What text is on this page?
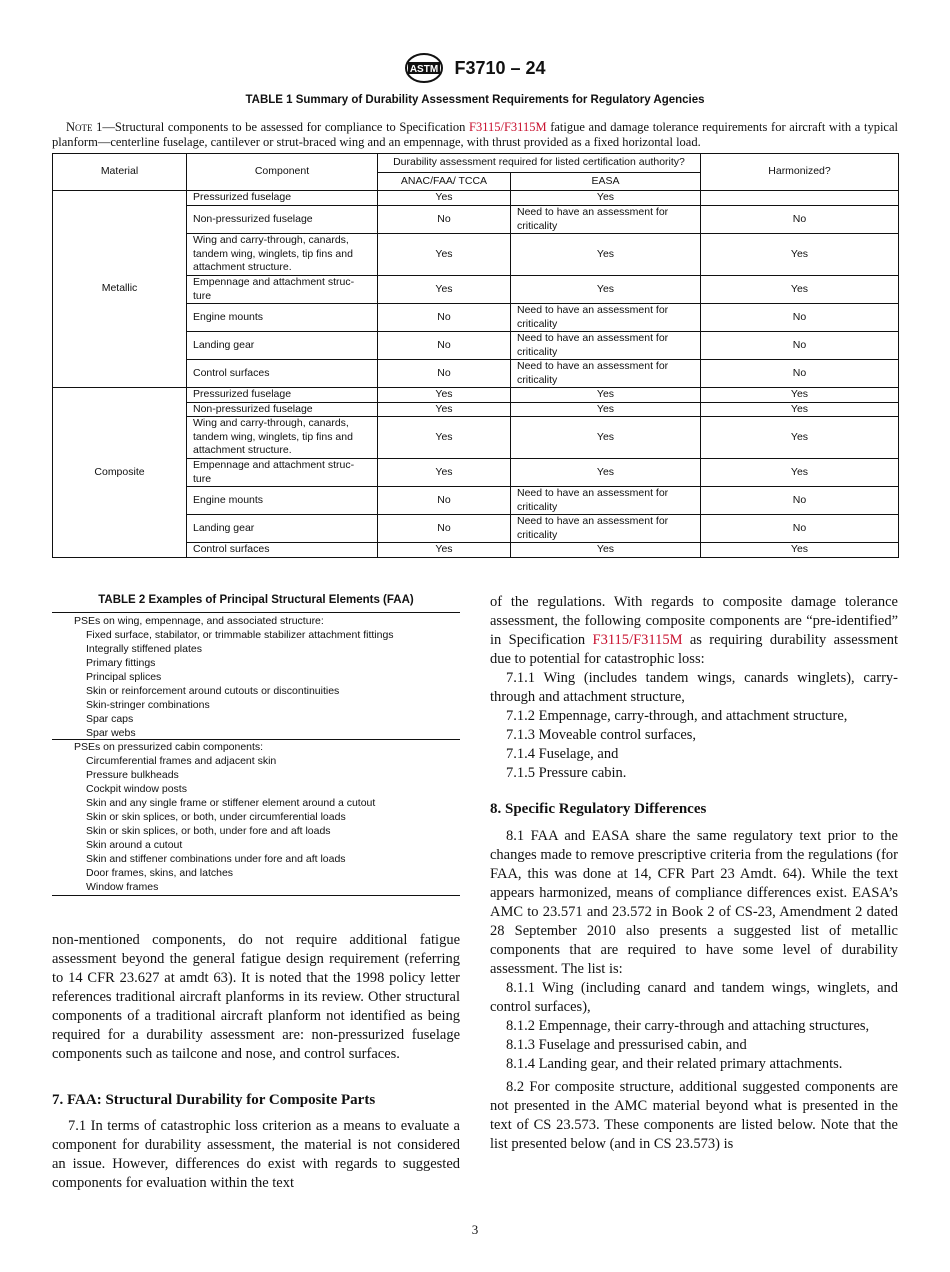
ASTM F3710 – 24
TABLE 1 Summary of Durability Assessment Requirements for Regulatory Agencies
Note 1—Structural components to be assessed for compliance to Specification F3115/F3115M fatigue and damage tolerance requirements for aircraft with a typical planform—centerline fuselage, cantilever or strut-braced wing and an empennage, with thrust provided as a fixed horizontal load.
Material	Component	Durability assessment required for listed certification authority?		Harmonized?
		ANAC/FAA/ TCCA	EASA	
Metallic	Pressurized fuselage	Yes	Yes	
	Non-pressurized fuselage	No	Need to have an assessment for criticality	No
	Wing and carry-through, canards, tandem wing, winglets, tip fins and attachment structure.	Yes	Yes	Yes
	Empennage and attachment struc-ture	Yes	Yes	Yes
	Engine mounts	No	Need to have an assessment for criticality	No
	Landing gear	No	Need to have an assessment for criticality	No
	Control surfaces	No	Need to have an assessment for criticality	No
Composite	Pressurized fuselage	Yes	Yes	Yes
	Non-pressurized fuselage	Yes	Yes	Yes
	Wing and carry-through, canards, tandem wing, winglets, tip fins and attachment structure.	Yes	Yes	Yes
	Empennage and attachment struc-ture	Yes	Yes	Yes
	Engine mounts	No	Need to have an assessment for criticality	No
	Landing gear	No	Need to have an assessment for criticality	No
	Control surfaces	Yes	Yes	Yes
TABLE 2 Examples of Principal Structural Elements (FAA)
PSEs on wing, empennage, and associated structure:
Fixed surface, stabilator, or trimmable stabilizer attachment fittings
Integrally stiffened plates
Primary fittings
Principal splices
Skin or reinforcement around cutouts or discontinuities
Skin-stringer combinations
Spar caps
Spar webs
PSEs on pressurized cabin components:
Circumferential frames and adjacent skin
Pressure bulkheads
Cockpit window posts
Skin and any single frame or stiffener element around a cutout
Skin or skin splices, or both, under circumferential loads
Skin or skin splices, or both, under fore and aft loads
Skin around a cutout
Skin and stiffener combinations under fore and aft loads
Door frames, skins, and latches
Window frames

non-mentioned components, do not require additional fatigue assessment beyond the general fatigue design requirement (referring to 14 CFR 23.627 at amdt 63). It is noted that the 1998 policy letter references traditional aircraft planforms in its review. Other structural components of a traditional aircraft planform not identified as being required for a durability assessment are: non-pressurized fuselage components such as tailcone and nose, and control surfaces.

7. FAA: Structural Durability for Composite Parts

7.1 In terms of catastrophic loss criterion as a means to evaluate a component for durability assessment, the material is not considered an issue. However, differences do exist with regards to suggested components for evaluation within the text

of the regulations. With regards to composite damage tolerance assessment, the following composite components are “pre-identified” in Specification F3115/F3115M as requiring durability assessment due to potential for catastrophic loss:

7.1.1 Wing (includes tandem wings, canards winglets), carry-through and attachment structure,

7.1.2 Empennage, carry-through, and attachment structure,

7.1.3 Moveable control surfaces,

7.1.4 Fuselage, and

7.1.5 Pressure cabin.

8. Specific Regulatory Differences

8.1 FAA and EASA share the same regulatory text prior to the changes made to remove prescriptive criteria from the regulations (for FAA, this was done at 14, CFR Part 23 Amdt. 64). While the text appears harmonized, means of compliance differences exist. EASA’s AMC to 23.571 and 23.572 in Book 2 of CS-23, Amendment 2 dated 28 September 2010 also presents a suggested list of metallic components that are required to have some level of durability assessment. The list is:

8.1.1 Wing (including canard and tandem wings, winglets, and control surfaces),

8.1.2 Empennage, their carry-through and attaching structures,

8.1.3 Fuselage and pressurised cabin, and

8.1.4 Landing gear, and their related primary attachments.

8.2 For composite structure, additional suggested components are not presented in the AMC material beyond what is presented in the text of CS 23.573. These components are listed below. Note that the list presented below (and in CS 23.573) is

3
